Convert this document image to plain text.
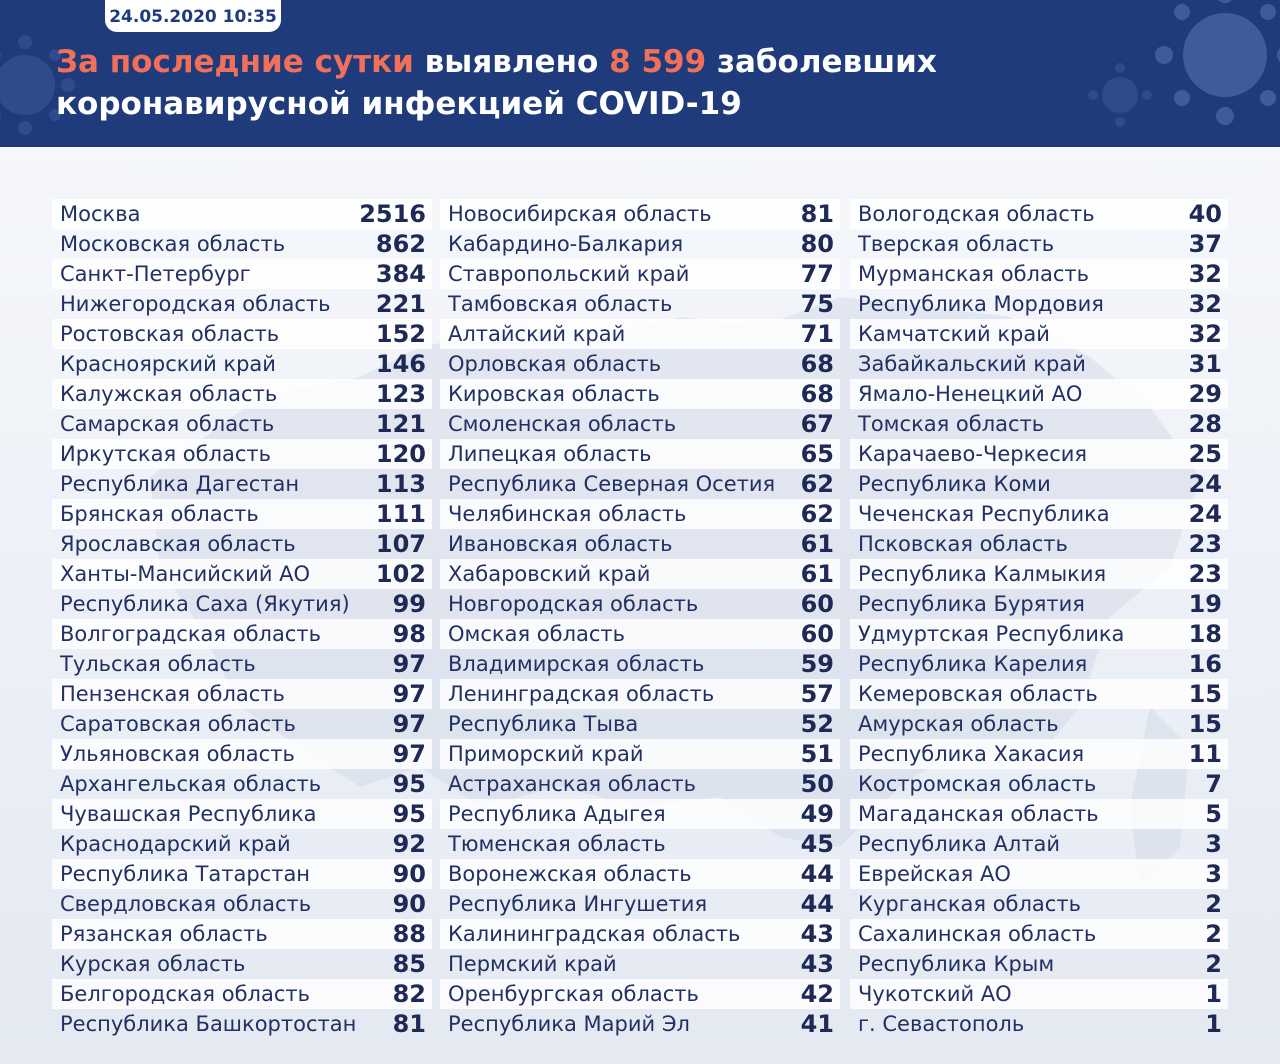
24.05.2020 10:35
За последние сутки выявлено 8 599 заболевших
коронавирусной инфекцией COVID-19
Москва	2516
Московская область	862
Санкт-Петербург	384
Нижегородская область 221
Ростовская область	152
Красноярский край	146
Калужская область	123
Самарская область	121
Иркутская область	120
Республика Дагестан	113
Брянская область	111
Ярославская область	107
Ханты-Мансийский АО	102
Республика Саха (Якутия) 99
Волгоградская область	98
Тульская область	97
Пензенская область	97
Саратовская область	97
Ульяновская область	97
Архангельская область	95
Чувашская Республика	95
Краснодарский край	92
Республика Татарстан	90
Свердловская область	90
Рязанская область	88
Курская область	85
Белгородская область	82
Республика Башкортостан 81
Новосибирская область	81
Кабардино-Балкария	80
Ставропольский край	77
Тамбовская область	75
Алтайский край	71
Орловская область	68
Кировская область	68
Смоленская область	67
Липецкая область	65
Республика Северная Осетия 62
Челябинская область	62
Ивановская область	61
Хабаровский край	61
Новгородская область	60
Омская область	60
Владимирская область	59
Ленинградская область	57
Республика Тыва	52
Приморский край	51
Астраханская область	50
Республика Адыгея	49
Тюменская область	45
Воронежская область	44
Республика Ингушетия	44
Калининградская область	43
Пермский край	43
Оренбургская область	42
Республика Марий Эл	41
Вологодская область	40
Тверская область	37
Мурманская область	32
Республика Мордовия	32
Камчатский край	32
Забайкальский край	31
Ямало-Ненецкий АО	29
Томская область	28
Карачаево-Черкесия	25
Республика Коми	24
Чеченская Республика	24
Псковская область	23
Республика Калмыкия	23
Республика Бурятия	19
Удмуртская Республика	18
Республика Карелия	16
Кемеровская область	15
Амурская область	15
Республика Хакасия	11
Костромская область	7
Магаданская область	5
Республика Алтай	3
Еврейская АО	3
Курганская область	2
Сахалинская область	2
Республика Крым	2
Чукотский АО	1
г. Севастополь	1
